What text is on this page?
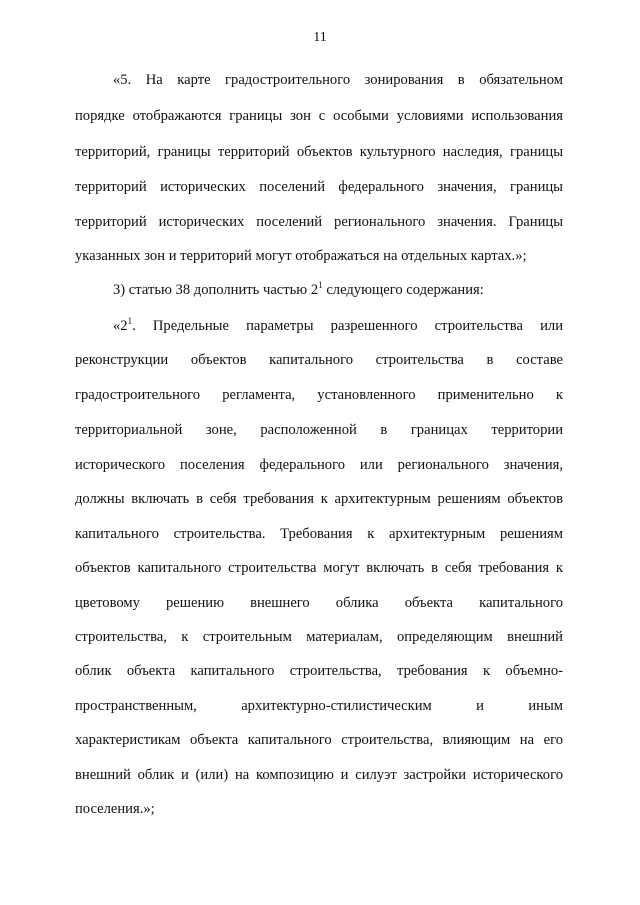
11
«5. На карте градостроительного зонирования в обязательном
порядке отображаются границы зон с особыми условиями использования
территорий, границы территорий объектов культурного наследия, границы
территорий исторических поселений федерального значения, границы
территорий исторических поселений регионального значения. Границы
указанных зон и территорий могут отображаться на отдельных картах.»;
3) статью 38 дополнить частью $2^1$ следующего содержания:
«$2^1$. Предельные параметры разрешенного строительства или
реконструкции объектов капитального строительства в составе
градостроительного регламента, установленного применительно к
территориальной зоне, расположенной в границах территории
исторического поселения федерального или регионального значения,
должны включать в себя требования к архитектурным решениям объектов
капитального строительства. Требования к архитектурным решениям
объектов капитального строительства могут включать в себя требования к
цветовому решению внешнего облика объекта капитального
строительства, к строительным материалам, определяющим внешний
облик объекта капитального строительства, требования к объемно-
пространственным, архитектурно-стилистическим и иным
характеристикам объекта капитального строительства, влияющим на его
внешний облик и (или) на композицию и силуэт застройки исторического
поселения.»;
